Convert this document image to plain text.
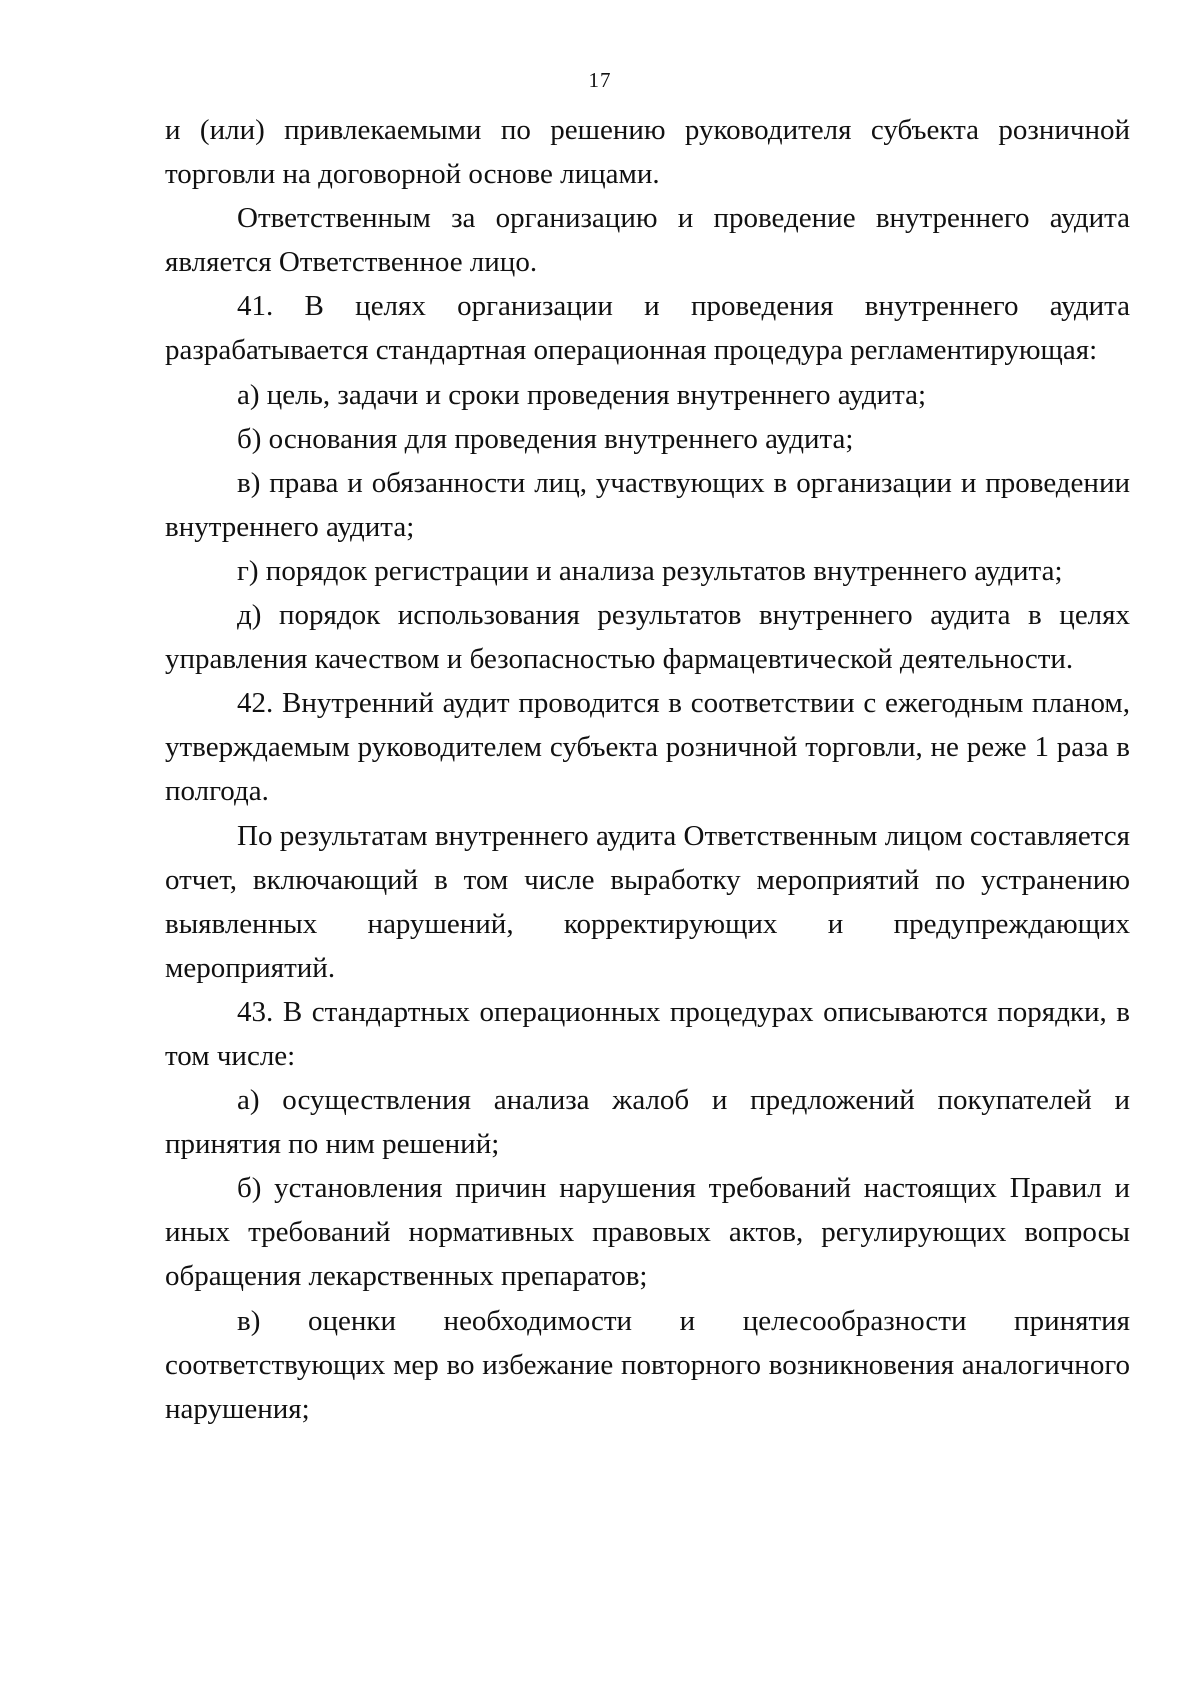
17

и (или) привлекаемыми по решению руководителя субъекта розничной торговли на договорной основе лицами.

Ответственным за организацию и проведение внутреннего аудита является Ответственное лицо.

41. В целях организации и проведения внутреннего аудита разрабатывается стандартная операционная процедура регламентирующая:

а) цель, задачи и сроки проведения внутреннего аудита;

б) основания для проведения внутреннего аудита;

в) права и обязанности лиц, участвующих в организации и проведении внутреннего аудита;

г) порядок регистрации и анализа результатов внутреннего аудита;

д) порядок использования результатов внутреннего аудита в целях управления качеством и безопасностью фармацевтической деятельности.

42. Внутренний аудит проводится в соответствии с ежегодным планом, утверждаемым руководителем субъекта розничной торговли, не реже 1 раза в полгода.

По результатам внутреннего аудита Ответственным лицом составляется отчет, включающий в том числе выработку мероприятий по устранению выявленных нарушений, корректирующих и предупреждающих мероприятий.

43. В стандартных операционных процедурах описываются порядки, в том числе:

а) осуществления анализа жалоб и предложений покупателей и принятия по ним решений;

б) установления причин нарушения требований настоящих Правил и иных требований нормативных правовых актов, регулирующих вопросы обращения лекарственных препаратов;

в) оценки необходимости и целесообразности принятия соответствующих мер во избежание повторного возникновения аналогичного нарушения;
